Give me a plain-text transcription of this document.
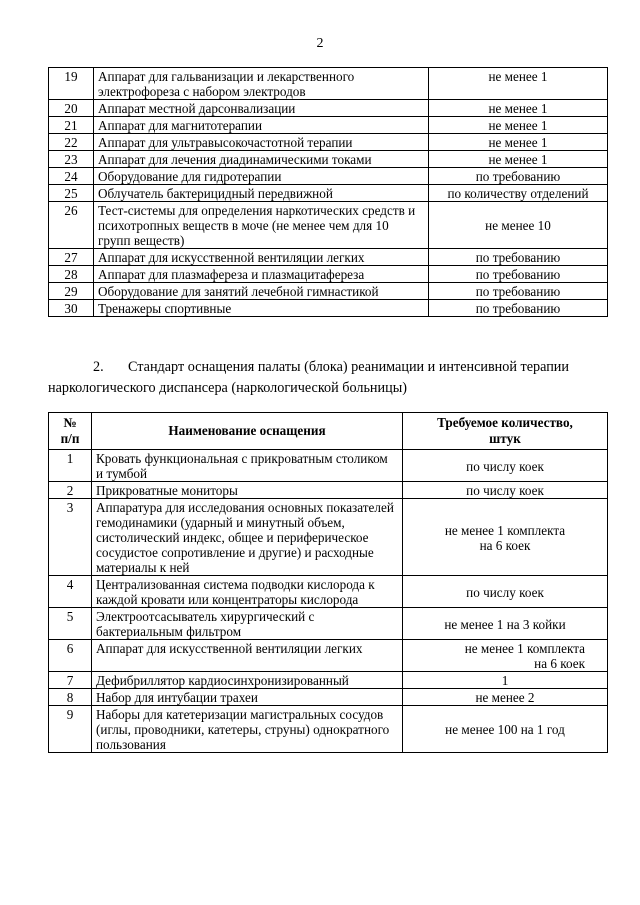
2
19	Аппарат для гальванизации и лекарственного электрофореза с набором электродов	не менее 1
20	Аппарат местной дарсонвализации	не менее 1
21	Аппарат для магнитотерапии	не менее 1
22	Аппарат для ультравысокочастотной терапии	не менее 1
23	Аппарат для лечения диадинамическими токами	не менее 1
24	Оборудование для гидротерапии	по требованию
25	Облучатель бактерицидный передвижной	по количеству отделений
26	Тест-системы для определения наркотических средств и психотропных веществ в моче (не менее чем для 10 групп веществ)	не менее 10
27	Аппарат для искусственной вентиляции легких	по требованию
28	Аппарат для плазмафереза и плазмацитафереза	по требованию
29	Оборудование для занятий лечебной гимнастикой	по требованию
30	Тренажеры спортивные	по требованию
2. Стандарт оснащения палаты (блока) реанимации и интенсивной терапии наркологического диспансера (наркологической больницы)
№
п/п	Наименование оснащения	Требуемое количество,
штук
1	Кровать функциональная с прикроватным столиком и тумбой	по числу коек
2	Прикроватные мониторы	по числу коек
3	Аппаратура для исследования основных показателей гемодинамики (ударный и минутный объем, систолический индекс, общее и периферическое сосудистое сопротивление и другие) и расходные материалы к ней	не менее 1 комплекта
на 6 коек
4	Централизованная система подводки кислорода к каждой кровати или концентраторы кислорода	по числу коек
5	Электроотсасыватель хирургический с бактериальным фильтром	не менее 1 на 3 койки
6	Аппарат для искусственной вентиляции легких	не менее 1 комплекта
на 6 коек
7	Дефибриллятор кардиосинхронизированный	1
8	Набор для интубации трахеи	не менее 2
9	Наборы для катетеризации магистральных сосудов (иглы, проводники, катетеры, струны) однократного пользования	не менее 100 на 1 год
